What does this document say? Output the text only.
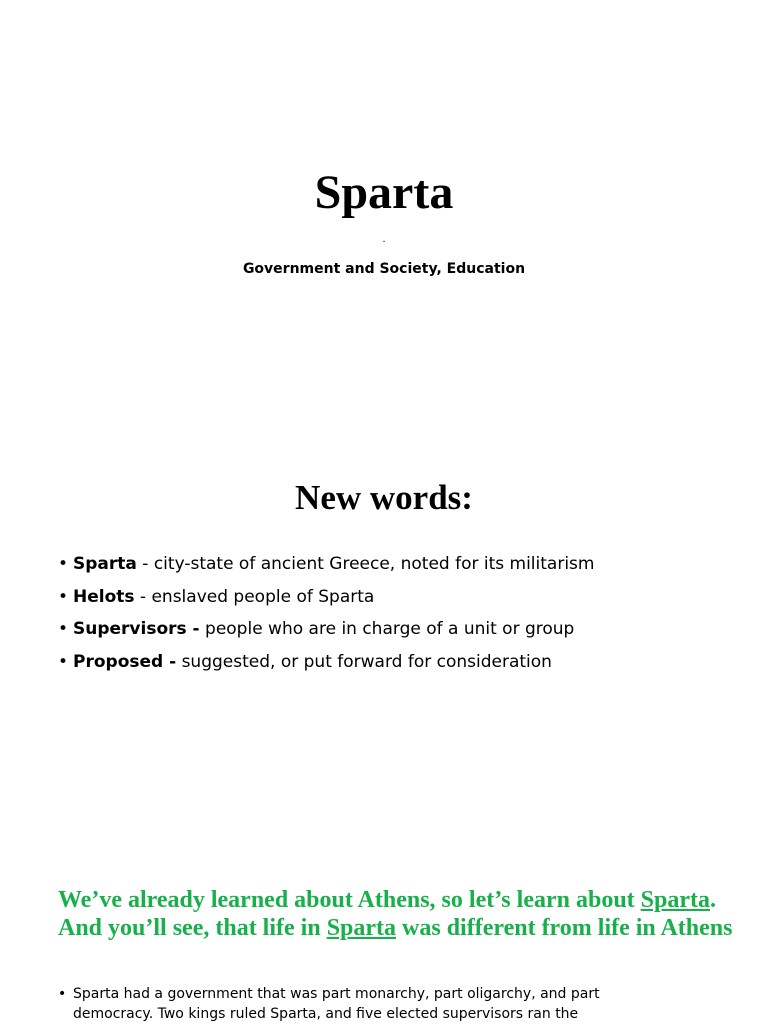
Sparta
.
Government and Society, Education
New words:
• Sparta - city-state of ancient Greece, noted for its militarism
• Helots - enslaved people of Sparta
• Supervisors - people who are in charge of a unit or group
• Proposed - suggested, or put forward for consideration
We’ve already learned about Athens, so let’s learn about Sparta. And you’ll see, that life in Sparta was different from life in Athens
• Sparta had a government that was part monarchy, part oligarchy, and part democracy. Two kings ruled Sparta, and five elected supervisors ran the
